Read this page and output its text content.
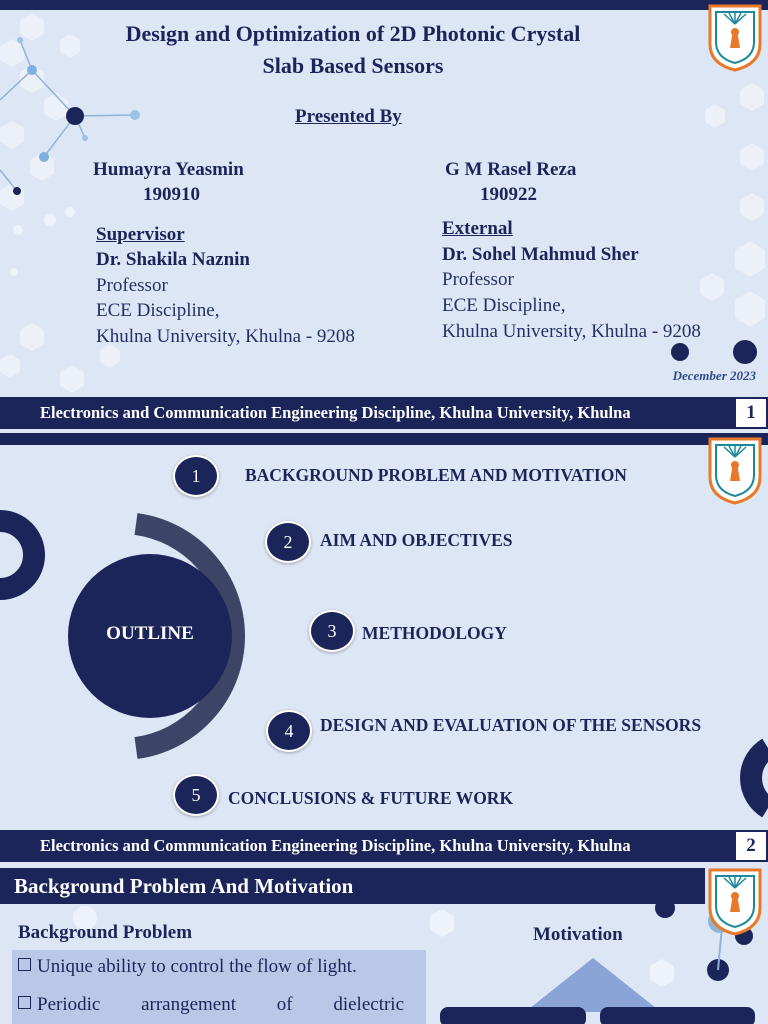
Design and Optimization of 2D Photonic Crystal
Slab Based Sensors
Presented By
Humayra Yeasmin
190910
G M Rasel Reza
190922
Supervisor
Dr. Shakila Naznin
Professor
ECE Discipline,
Khulna University, Khulna - 9208
External
Dr. Sohel Mahmud Sher
Professor
ECE Discipline,
Khulna University, Khulna - 9208
December 2023
Electronics and Communication Engineering Discipline, Khulna University, Khulna	1
OUTLINE
1	BACKGROUND PROBLEM AND MOTIVATION
2	AIM AND OBJECTIVES
3	METHODOLOGY
4	DESIGN AND EVALUATION OF THE SENSORS
5	CONCLUSIONS & FUTURE WORK
Electronics and Communication Engineering Discipline, Khulna University, Khulna	2
Background Problem And Motivation
Background Problem	Motivation
Unique ability to control the flow of light.
Periodic arrangement of dielectric
